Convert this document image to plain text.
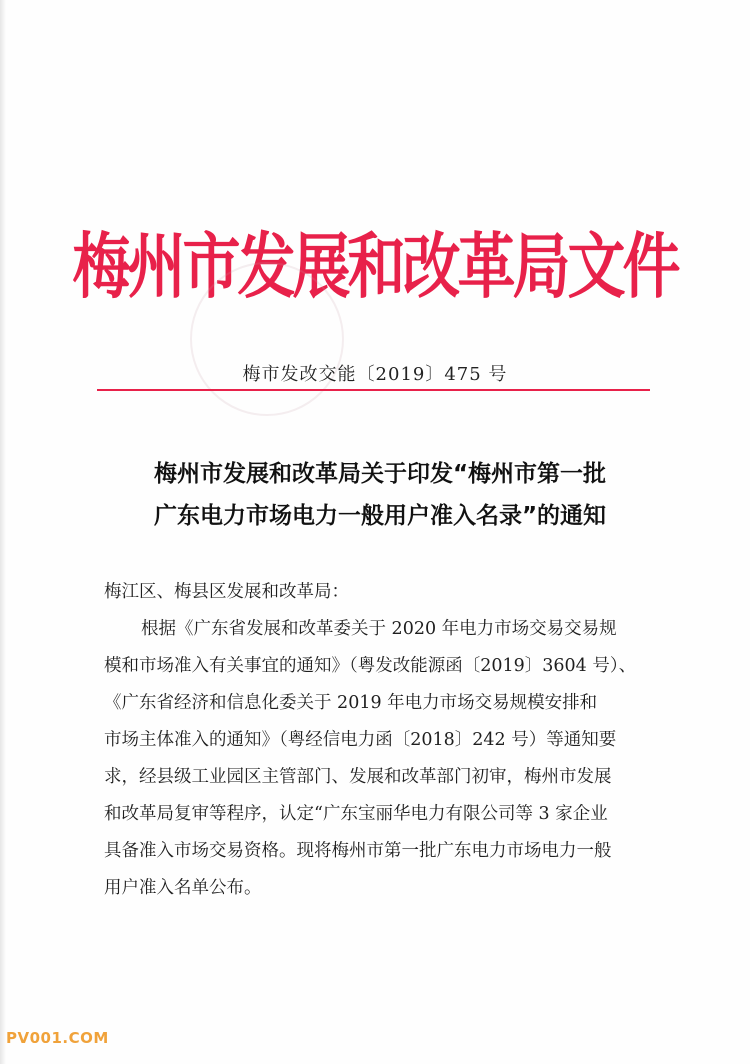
梅州市发展和改革局文件
梅市发改交能〔2019〕475 号
梅州市发展和改革局关于印发“梅州市第一批
广东电力市场电力一般用户准入名录”的通知
梅江区、梅县区发展和改革局：
根据《广东省发展和改革委关于 2020 年电力市场交易交易规
模和市场准入有关事宜的通知》（粤发改能源函〔2019〕3604 号）、
《广东省经济和信息化委关于 2019 年电力市场交易规模安排和
市场主体准入的通知》（粤经信电力函〔2018〕242 号）等通知要
求，经县级工业园区主管部门、发展和改革部门初审，梅州市发展
和改革局复审等程序，认定“广东宝丽华电力有限公司等 3 家企业
具备准入市场交易资格。现将梅州市第一批广东电力市场电力一般
用户准入名单公布。
PV001.COM
